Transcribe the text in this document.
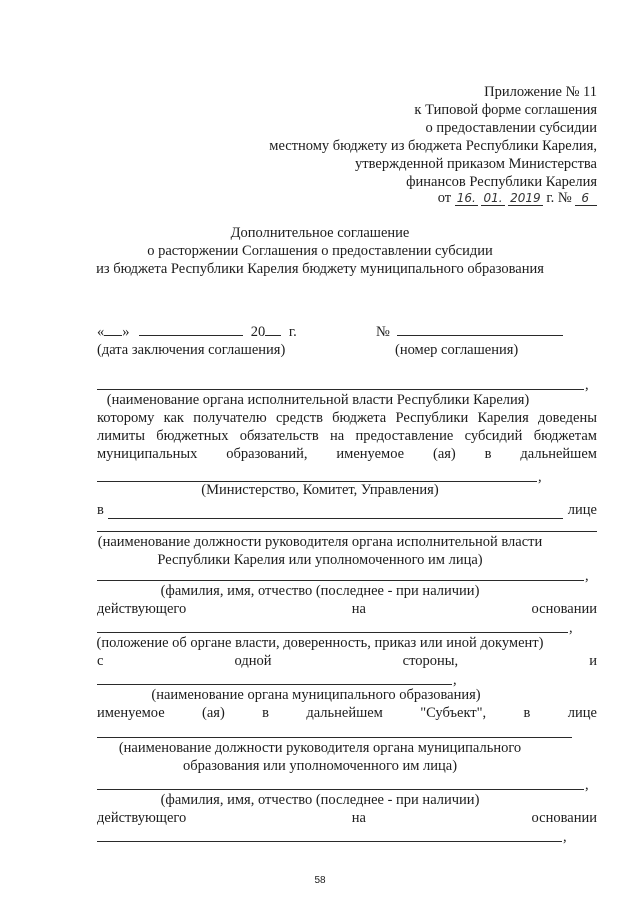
Приложение № 11
к Типовой форме соглашения
о предоставлении субсидии
местному бюджету из бюджета Республики Карелия,
утвержденной приказом Министерства
финансов Республики Карелия
от 16. 01. 2019 г. № 6
Дополнительное соглашение
о расторжении Соглашения о предоставлении субсидии
из бюджета Республики Карелия бюджету муниципального образования
« »	20 г.	№
(дата заключения соглашения)	(номер соглашения)
,
(наименование органа исполнительной власти Республики Карелия)
которому как получателю средств бюджета Республики Карелия доведены
лимиты бюджетных обязательств на предоставление субсидий бюджетам
муниципальных образований, именуемое (ая) в дальнейшем
,
(Министерство, Комитет, Управления)
в	лице
(наименование должности руководителя органа исполнительной власти
Республики Карелия или уполномоченного им лица)
,
(фамилия, имя, отчество (последнее - при наличии)
действующего	на	основании
,
(положение об органе власти, доверенность, приказ или иной документ)
с	одной	стороны,	и
,
(наименование органа муниципального образования)
именуемое	(ая)	в	дальнейшем	"Субъект",	в	лице
(наименование должности руководителя органа муниципального
образования или уполномоченного им лица)
,
(фамилия, имя, отчество (последнее - при наличии)
действующего	на	основании
,
58
